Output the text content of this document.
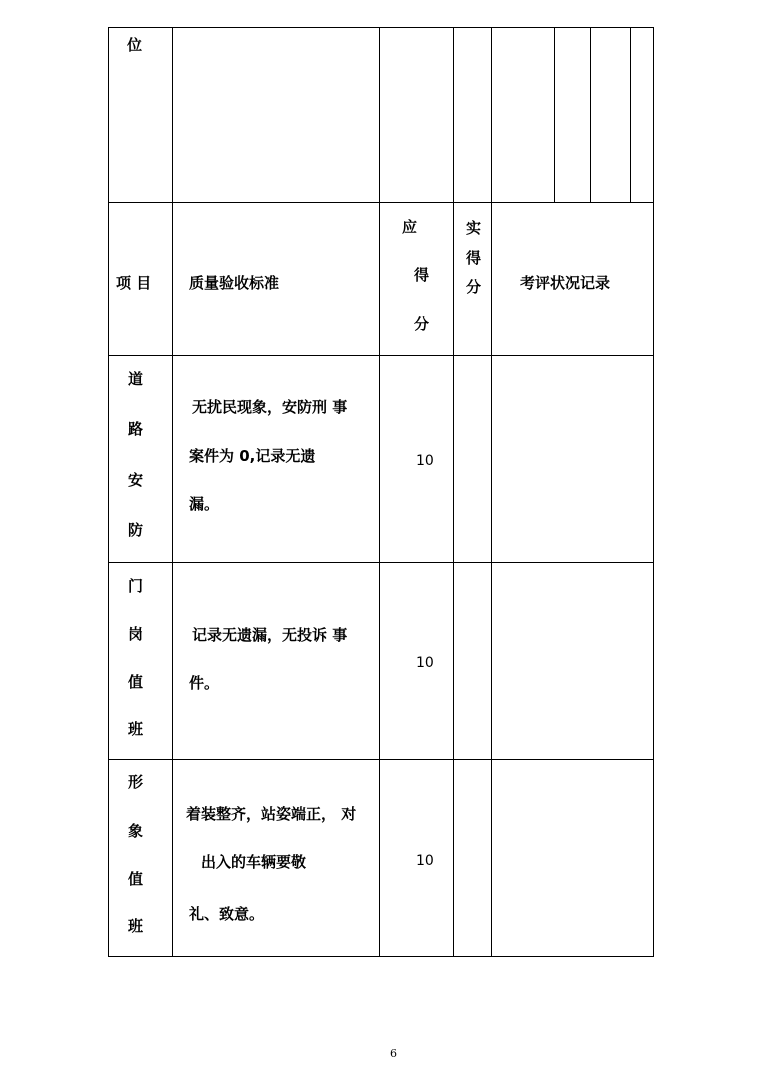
位
项 目	质量验收标准
应
得
分
实
得
分	考评状况记录
道
路
安
防
无扰民现象，安防刑 事
案件为 0,记录无遗
漏。
10
门
岗
值
班
记录无遗漏，无投诉 事
件。
10
形
象
值
班
着装整齐，站姿端正， 对
出入的车辆要敬
礼、致意。
10
6
